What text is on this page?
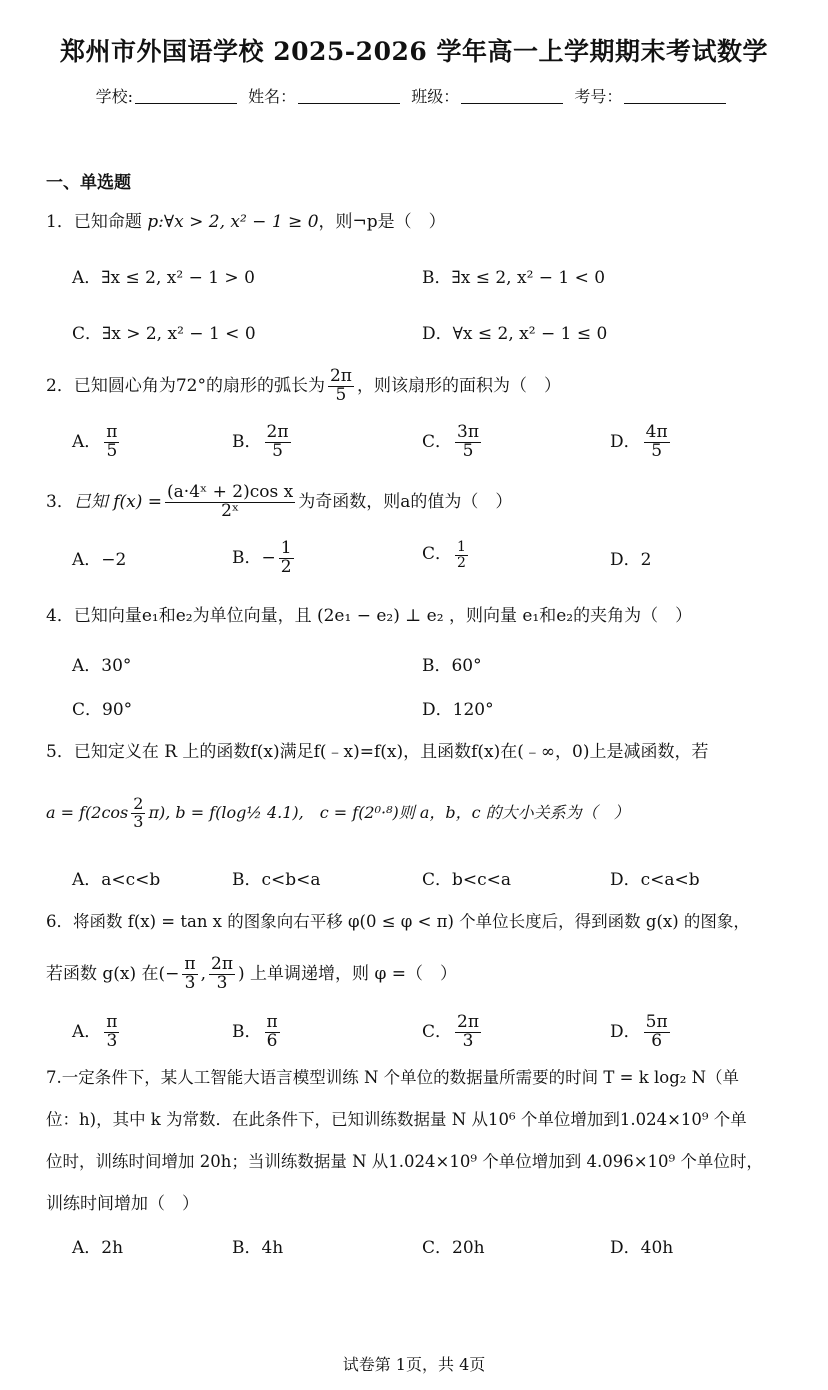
郑州市外国语学校 2025-2026 学年高一上学期期末考试数学
学校:	姓名：	班级：	考号：
一、单选题
1．已知命题 p:∀x > 2, x² − 1 ≥ 0，则¬p是（　）
A．∃x ≤ 2, x² − 1 > 0	B．∃x ≤ 2, x² − 1 < 0
C．∃x > 2, x² − 1 < 0	D．∀x ≤ 2, x² − 1 ≤ 0
2．已知圆心角为72°的扇形的弧长为 $\frac{2\pi}{5}$ ，则该扇形的面积为（　）
A． $\frac{\pi}{5}$	B． $\frac{2\pi}{5}$	C． $\frac{3\pi}{5}$	D． $\frac{4\pi}{5}$
3．已知 $f(x) = \frac{\text{(a·4ˣ + 2)cos x}}{\text{2ˣ}}$ 为奇函数，则a的值为（　）
A．−2	B．− $\frac{1}{2}$	C． $\frac{1}{2}$	D．2
4．已知向量e₁和e₂为单位向量，且 (2e₁ − e₂) ⊥ e₂ ，则向量 e₁和e₂的夹角为（　）
A．30°	B．60°
C．90°	D．120°
5．已知定义在 R 上的函数f(x)满足f(﹣x)=f(x)，且函数f(x)在(﹣∞，0)上是减函数，若
$a = f(2\cos \frac{2}{3} \pi)$, b = f(log½ 4.1),　c = f(2⁰·⁸)则 a，b，c 的大小关系为（　）
A．a<c<b	B．c<b<a	C．b<c<a	D．c<a<b
6．将函数 f(x) = tan x 的图象向右平移 φ(0 ≤ φ < π) 个单位长度后，得到函数 g(x) 的图象，
若函数 g(x) 在(− $\frac{\pi}{3}$ , $\frac{2\pi}{3}$ ) 上单调递增，则 φ =（　）
A． $\frac{\pi}{3}$	B． $\frac{\pi}{6}$	C． $\frac{2\pi}{3}$	D． $\frac{5\pi}{6}$
7.一定条件下，某人工智能大语言模型训练 N 个单位的数据量所需要的时间 T = k log₂ N（单
位：h)，其中 k 为常数．在此条件下，已知训练数据量 N 从10⁶ 个单位增加到1.024×10⁹ 个单
位时，训练时间增加 20h；当训练数据量 N 从1.024×10⁹ 个单位增加到 4.096×10⁹ 个单位时，
训练时间增加（　）
A．2h	B．4h	C．20h	D．40h
试卷第 1页，共 4页
